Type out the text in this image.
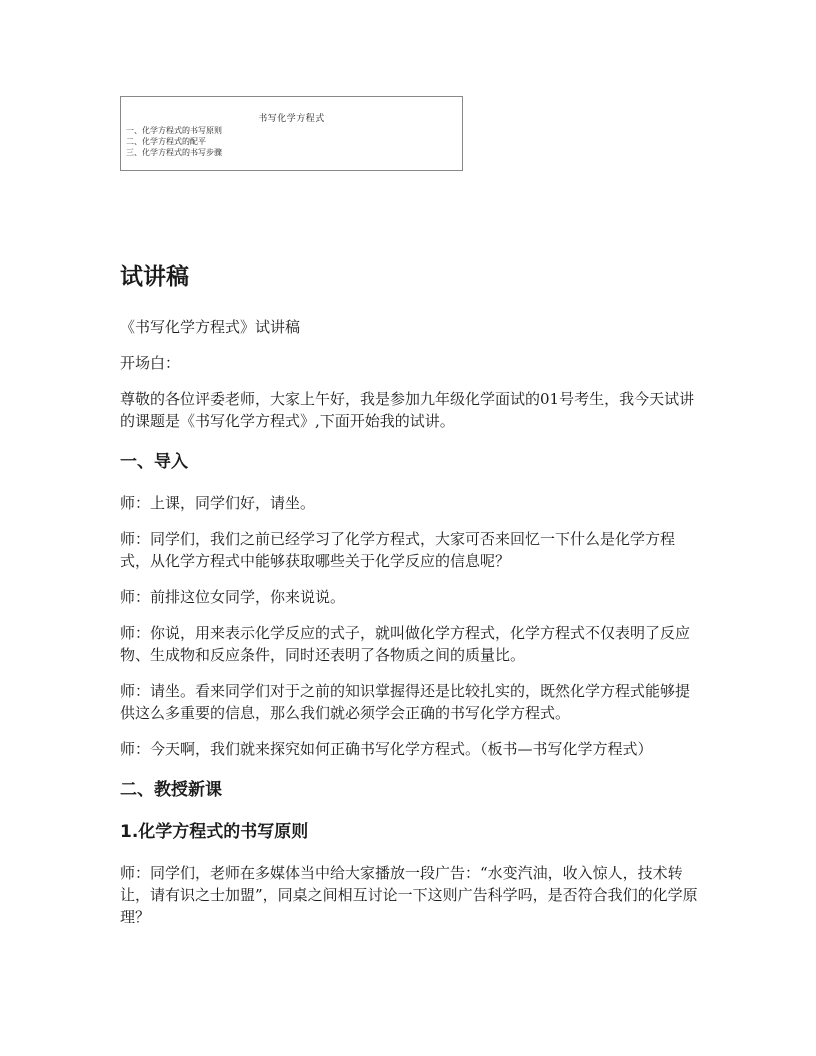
书写化学方程式
一、化学方程式的书写原则
二、化学方程式的配平
三、化学方程式的书写步骤
试讲稿

《书写化学方程式》试讲稿

开场白：

尊敬的各位评委老师，大家上午好，我是参加九年级化学面试的01号考生，我今天试讲的课题是《书写化学方程式》,下面开始我的试讲。

一、导入

师：上课，同学们好，请坐。

师：同学们，我们之前已经学习了化学方程式，大家可否来回忆一下什么是化学方程式，从化学方程式中能够获取哪些关于化学反应的信息呢？

师：前排这位女同学，你来说说。

师：你说，用来表示化学反应的式子，就叫做化学方程式，化学方程式不仅表明了反应物、生成物和反应条件，同时还表明了各物质之间的质量比。

师：请坐。看来同学们对于之前的知识掌握得还是比较扎实的，既然化学方程式能够提供这么多重要的信息，那么我们就必须学会正确的书写化学方程式。

师：今天啊，我们就来探究如何正确书写化学方程式。（板书—书写化学方程式）

二、教授新课
1.化学方程式的书写原则

师：同学们，老师在多媒体当中给大家播放一段广告：“水变汽油，收入惊人，技术转让，请有识之士加盟”，同桌之间相互讨论一下这则广告科学吗，是否符合我们的化学原理？
